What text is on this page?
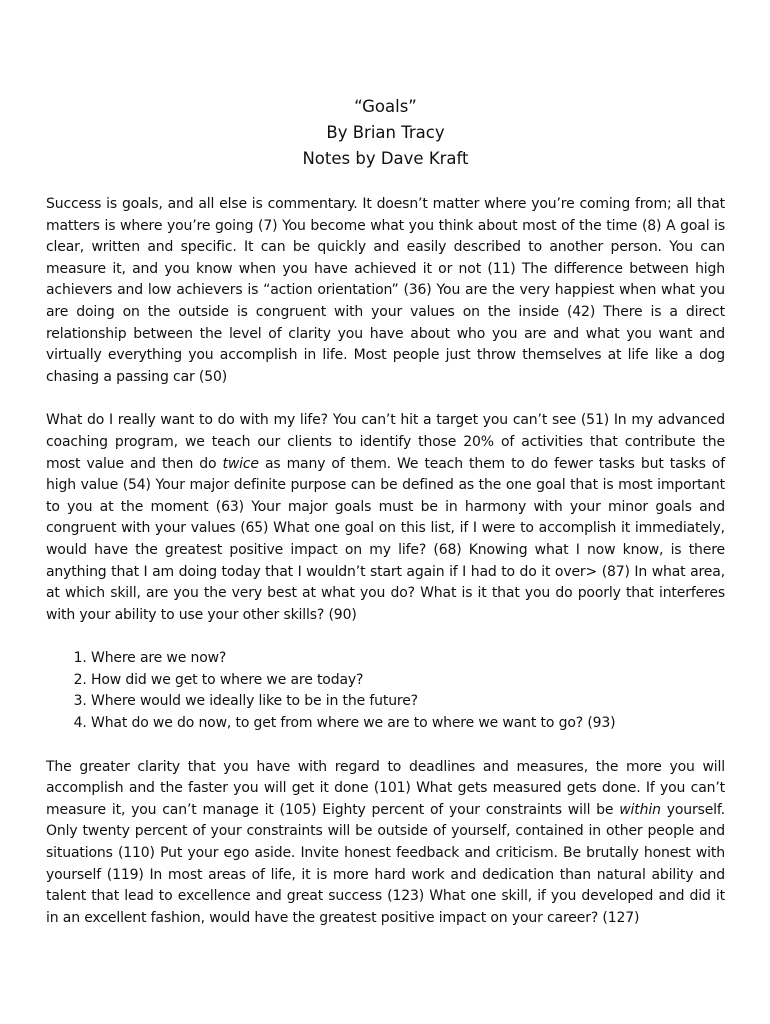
“Goals”
By Brian Tracy
Notes by Dave Kraft

Success is goals, and all else is commentary. It doesn’t matter where you’re coming from; all that matters is where you’re going (7) You become what you think about most of the time (8) A goal is clear, written and specific. It can be quickly and easily described to another person. You can measure it, and you know when you have achieved it or not (11) The difference between high achievers and low achievers is “action orientation” (36) You are the very happiest when what you are doing on the outside is congruent with your values on the inside (42) There is a direct relationship between the level of clarity you have about who you are and what you want and virtually everything you accomplish in life. Most people just throw themselves at life like a dog chasing a passing car (50)

What do I really want to do with my life? You can’t hit a target you can’t see (51) In my advanced coaching program, we teach our clients to identify those 20% of activities that contribute the most value and then do twice as many of them. We teach them to do fewer tasks but tasks of high value (54) Your major definite purpose can be defined as the one goal that is most important to you at the moment (63) Your major goals must be in harmony with your minor goals and congruent with your values (65) What one goal on this list, if I were to accomplish it immediately, would have the greatest positive impact on my life? (68) Knowing what I now know, is there anything that I am doing today that I wouldn’t start again if I had to do it over> (87) In what area, at which skill, are you the very best at what you do? What is it that you do poorly that interferes with your ability to use your other skills? (90)

1. Where are we now?
2. How did we get to where we are today?
3. Where would we ideally like to be in the future?
4. What do we do now, to get from where we are to where we want to go? (93)

The greater clarity that you have with regard to deadlines and measures, the more you will accomplish and the faster you will get it done (101) What gets measured gets done. If you can’t measure it, you can’t manage it (105) Eighty percent of your constraints will be within yourself. Only twenty percent of your constraints will be outside of yourself, contained in other people and situations (110) Put your ego aside. Invite honest feedback and criticism. Be brutally honest with yourself (119) In most areas of life, it is more hard work and dedication than natural ability and talent that lead to excellence and great success (123) What one skill, if you developed and did it in an excellent fashion, would have the greatest positive impact on your career? (127)
